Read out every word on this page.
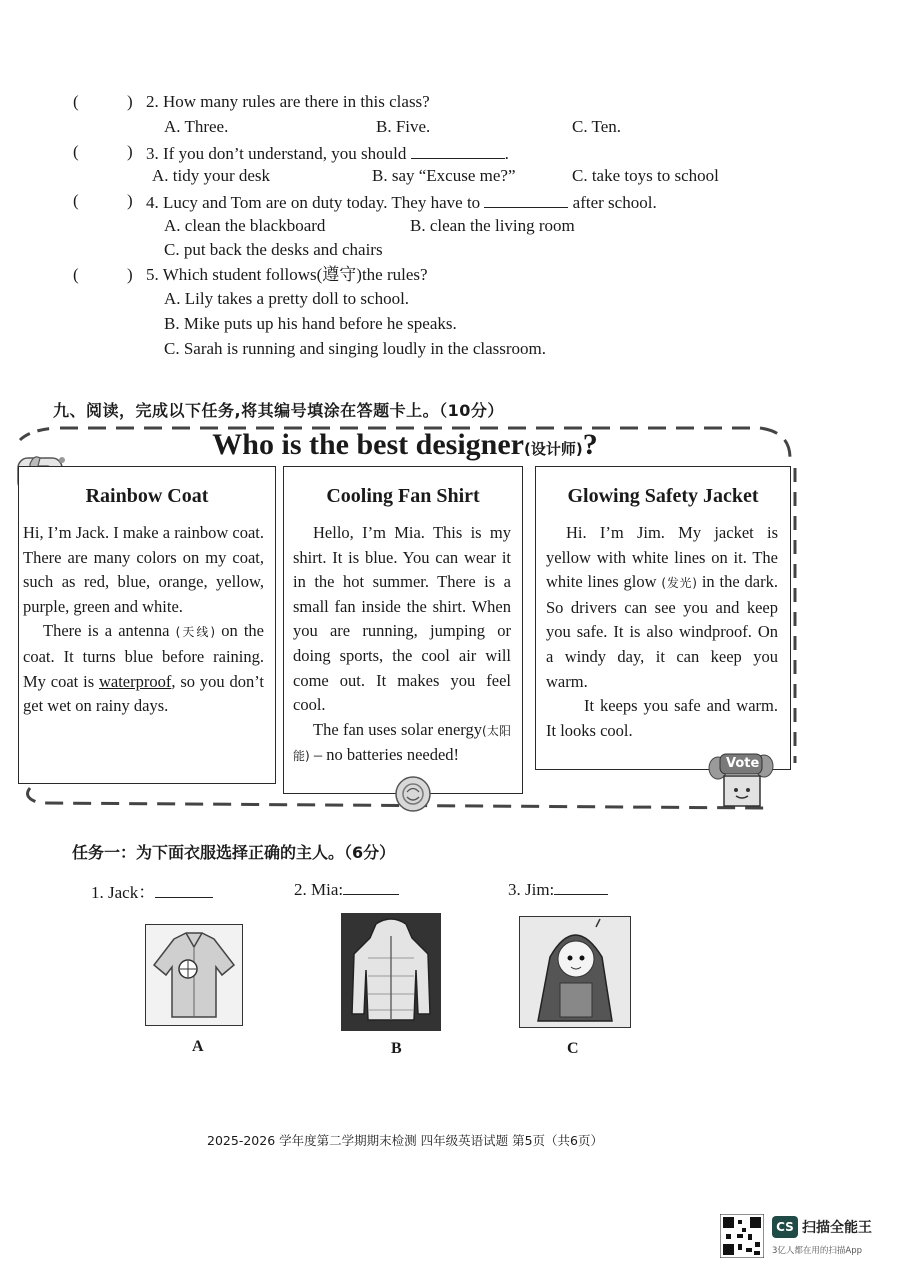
(	) 2. How many rules are there in this class?
A. Three.	B. Five.	C. Ten.
(	) 3. If you don’t understand, you should	.
A. tidy your desk	B. say “Excuse me?”	C. take toys to school
(	) 4. Lucy and Tom are on duty today. They have to	after school.
A. clean the blackboard	B. clean the living room
C. put back the desks and chairs
(	) 5. Which student follows(遵守)the rules?
A. Lily takes a pretty doll to school.
B. Mike puts up his hand before he speaks.
C. Sarah is running and singing loudly in the classroom.
九、阅读，完成以下任务,将其编号填涂在答题卡上。（10分）
Who is the best designer(设计师)?
Rainbow Coat

Hi, I’m Jack. I make a rainbow coat. There are many colors on my coat, such as red, blue, orange, yellow, purple, green and white.

There is a antenna (天线) on the coat. It turns blue before raining. My coat is waterproof, so you don’t get wet on rainy days.

Cooling Fan Shirt

Hello, I’m Mia. This is my shirt. It is blue. You can wear it in the hot summer. There is a small fan inside the shirt. When you are running, jumping or doing sports, the cool air will come out. It makes you feel cool.

The fan uses solar energy(太阳能) – no batteries needed!

Glowing Safety Jacket

Hi. I’m Jim. My jacket is yellow with white lines on it. The white lines glow (发光) in the dark. So drivers can see you and keep you safe. It is also windproof. On a windy day, it can keep you warm.

It keeps you safe and warm. It looks cool.

Vote
任务一：为下面衣服选择正确的主人。（6分）
1. Jack：	2. Mia:	3. Jim:
A	B	C
2025-2026 学年度第二学期期末检测 四年级英语试题 第5页（共6页）
CS 扫描全能王
3亿人都在用的扫描App
